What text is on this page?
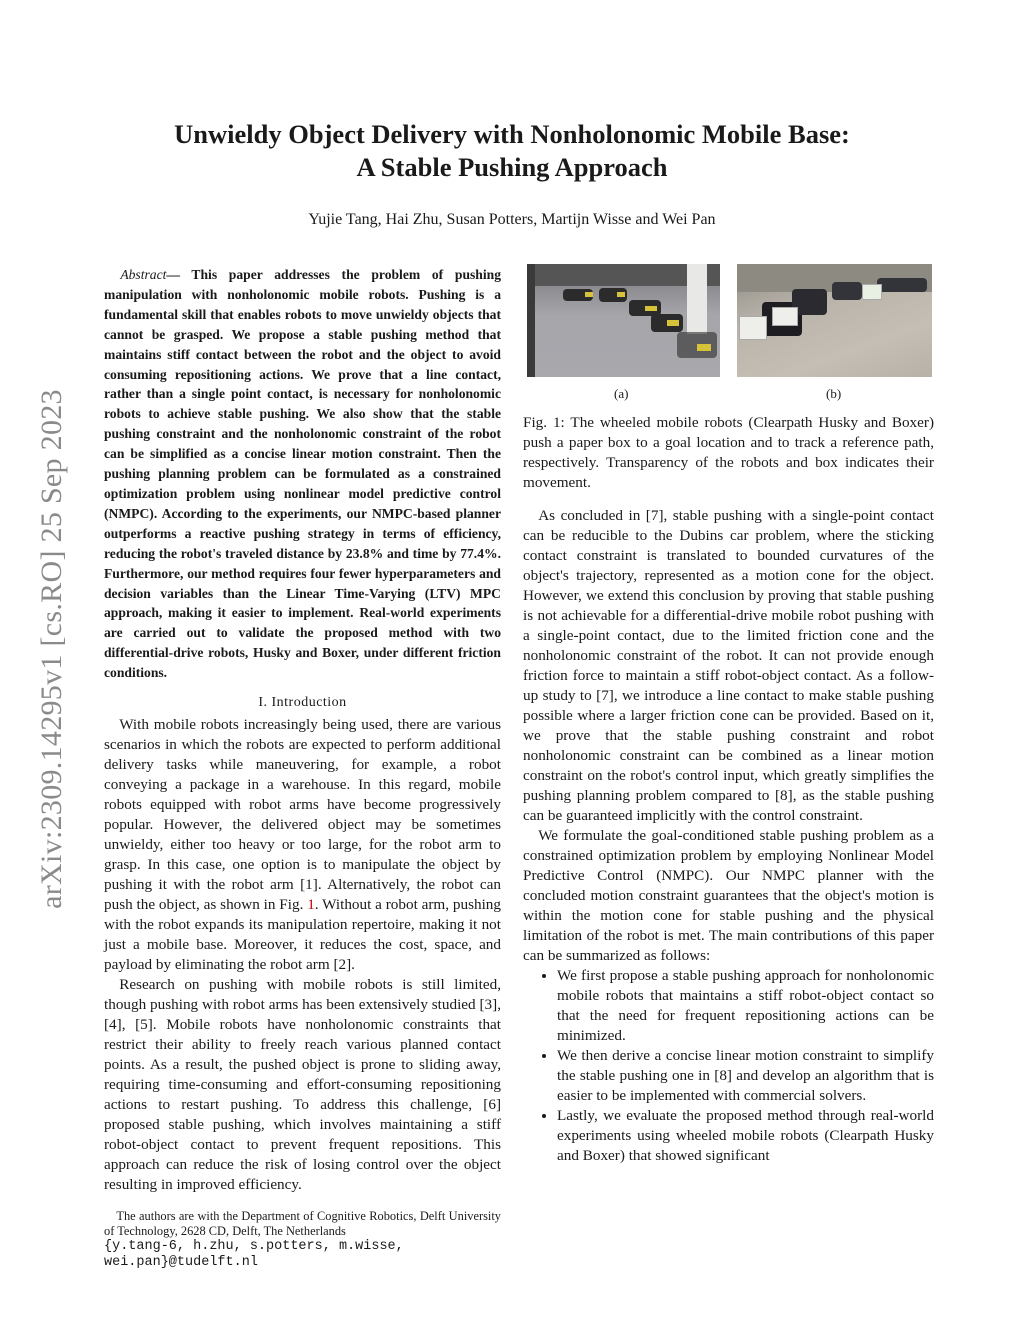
arXiv:2309.14295v1 [cs.RO] 25 Sep 2023
Unwieldy Object Delivery with Nonholonomic Mobile Base:
A Stable Pushing Approach
Yujie Tang, Hai Zhu, Susan Potters, Martijn Wisse and Wei Pan

Abstract— This paper addresses the problem of pushing manipulation with nonholonomic mobile robots. Pushing is a fundamental skill that enables robots to move unwieldy objects that cannot be grasped. We propose a stable pushing method that maintains stiff contact between the robot and the object to avoid consuming repositioning actions. We prove that a line contact, rather than a single point contact, is necessary for nonholonomic robots to achieve stable pushing. We also show that the stable pushing constraint and the nonholonomic constraint of the robot can be simplified as a concise linear motion constraint. Then the pushing planning problem can be formulated as a constrained optimization problem using nonlinear model predictive control (NMPC). According to the experiments, our NMPC-based planner outperforms a reactive pushing strategy in terms of efficiency, reducing the robot's traveled distance by 23.8% and time by 77.4%. Furthermore, our method requires four fewer hyperparameters and decision variables than the Linear Time-Varying (LTV) MPC approach, making it easier to implement. Real-world experiments are carried out to validate the proposed method with two differential-drive robots, Husky and Boxer, under different friction conditions.

I. Introduction

With mobile robots increasingly being used, there are various scenarios in which the robots are expected to perform additional delivery tasks while maneuvering, for example, a robot conveying a package in a warehouse. In this regard, mobile robots equipped with robot arms have become progressively popular. However, the delivered object may be sometimes unwieldy, either too heavy or too large, for the robot arm to grasp. In this case, one option is to manipulate the object by pushing it with the robot arm [1]. Alternatively, the robot can push the object, as shown in Fig. 1. Without a robot arm, pushing with the robot expands its manipulation repertoire, making it not just a mobile base. Moreover, it reduces the cost, space, and payload by eliminating the robot arm [2].

Research on pushing with mobile robots is still limited, though pushing with robot arms has been extensively studied [3], [4], [5]. Mobile robots have nonholonomic constraints that restrict their ability to freely reach various planned contact points. As a result, the pushed object is prone to sliding away, requiring time-consuming and effort-consuming repositioning actions to restart pushing. To address this challenge, [6] proposed stable pushing, which involves maintaining a stiff robot-object contact to prevent frequent repositions. This approach can reduce the risk of losing control over the object resulting in improved efficiency.

The authors are with the Department of Cognitive Robotics, Delft University of Technology, 2628 CD, Delft, The Netherlands

{y.tang-6, h.zhu, s.potters, m.wisse, wei.pan}@tudelft.nl
(a)	(b)
Fig. 1: The wheeled mobile robots (Clearpath Husky and Boxer) push a paper box to a goal location and to track a reference path, respectively. Transparency of the robots and box indicates their movement.

As concluded in [7], stable pushing with a single-point contact can be reducible to the Dubins car problem, where the sticking contact constraint is translated to bounded curvatures of the object's trajectory, represented as a motion cone for the object. However, we extend this conclusion by proving that stable pushing is not achievable for a differential-drive mobile robot pushing with a single-point contact, due to the limited friction cone and the nonholonomic constraint of the robot. It can not provide enough friction force to maintain a stiff robot-object contact. As a follow-up study to [7], we introduce a line contact to make stable pushing possible where a larger friction cone can be provided. Based on it, we prove that the stable pushing constraint and robot nonholonomic constraint can be combined as a linear motion constraint on the robot's control input, which greatly simplifies the pushing planning problem compared to [8], as the stable pushing can be guaranteed implicitly with the control constraint.

We formulate the goal-conditioned stable pushing problem as a constrained optimization problem by employing Nonlinear Model Predictive Control (NMPC). Our NMPC planner with the concluded motion constraint guarantees that the object's motion is within the motion cone for stable pushing and the physical limitation of the robot is met. The main contributions of this paper can be summarized as follows:

• We first propose a stable pushing approach for nonholonomic mobile robots that maintains a stiff robot-object contact so that the need for frequent repositioning actions can be minimized.
• We then derive a concise linear motion constraint to simplify the stable pushing one in [8] and develop an algorithm that is easier to be implemented with commercial solvers.
• Lastly, we evaluate the proposed method through real-world experiments using wheeled mobile robots (Clearpath Husky and Boxer) that showed significant
